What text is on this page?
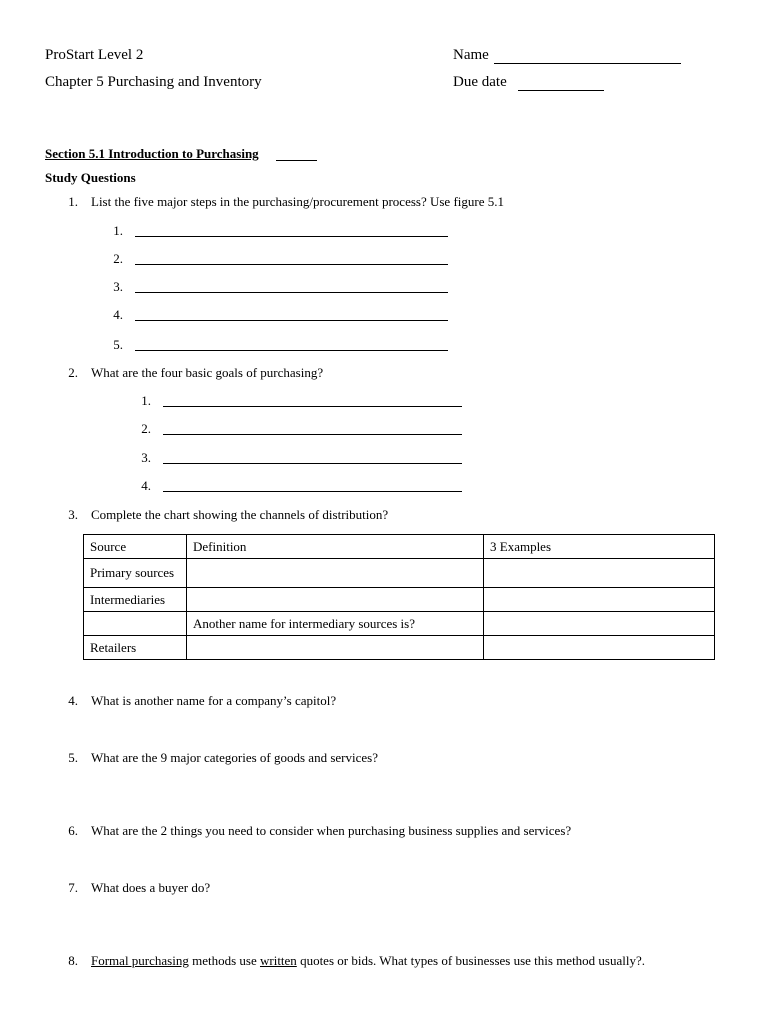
ProStart Level 2
Chapter 5 Purchasing and Inventory
Name
Due date
Section 5.1 Introduction to Purchasing
Study Questions
1. List the five major steps in the purchasing/procurement process? Use figure 5.1
1.
2.
3.
4.
5.
2. What are the four basic goals of purchasing?
1.
2.
3.
4.
3. Complete the chart showing the channels of distribution?
Source	Definition	3 Examples
Primary sources		
Intermediaries		
	Another name for intermediary sources is?	
Retailers		
4. What is another name for a company’s capitol?
5. What are the 9 major categories of goods and services?
6. What are the 2 things you need to consider when purchasing business supplies and services?
7. What does a buyer do?
8. Formal purchasing methods use written quotes or bids. What types of businesses use this method usually?.
